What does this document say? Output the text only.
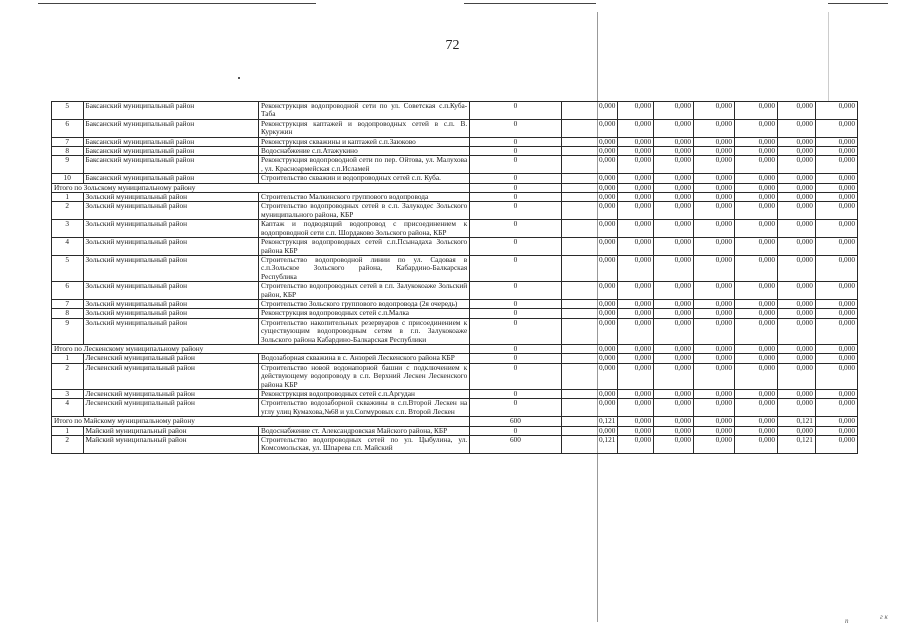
72
5	Баксанский муниципальный район	Реконструкция водопроводной сети по ул. Советская с.п.Куба-Таба	0	0,000	0,000	0,000	0,000	0,000	0,000	0,000
6	Баксанский муниципальный район	Реконструкция каптажей и водопроводных сетей в с.п. В. Куркужин	0	0,000	0,000	0,000	0,000	0,000	0,000	0,000
7	Баксанский муниципальный район	Реконструкция скважины и каптажей с.п.Заюково	0	0,000	0,000	0,000	0,000	0,000	0,000	0,000
8	Баксанский муниципальный район	Водоснабжение с.п.Атажукино	0	0,000	0,000	0,000	0,000	0,000	0,000	0,000
9	Баксанский муниципальный район	Реконструкция водопроводной сети по пер. Ойтова, ул. Малухова , ул. Красноармейская с.п.Исламей	0	0,000	0,000	0,000	0,000	0,000	0,000	0,000
10	Баксанский муниципальный район	Строительство скважин и водопроводных сетей с.п. Куба.	0	0,000	0,000	0,000	0,000	0,000	0,000	0,000
Итого по Зольскому муниципальному району			0	0,000	0,000	0,000	0,000	0,000	0,000	0,000
1	Зольский муниципальный район	Строительство Малкинского группового водопровода	0	0,000	0,000	0,000	0,000	0,000	0,000	0,000
2	Зольский муниципальный район	Строительство водопроводных сетей в с.п. Залукодес Зольского муниципального района, КБР	0	0,000	0,000	0,000	0,000	0,000	0,000	0,000
3	Зольский муниципальный район	Каптаж и подводящий водопровод с присоединением к водопроводной сети с.п. Шордаково Зольского района, КБР	0	0,000	0,000	0,000	0,000	0,000	0,000	0,000
4	Зольский муниципальный район	Реконструкция водопроводных сетей с.п.Псынадаха Зольского района КБР	0	0,000	0,000	0,000	0,000	0,000	0,000	0,000
5	Зольский муниципальный район	Строительство водопроводной линии по ул. Садовая в с.п.Зольское Зольского района, Кабардино-Балкарская Республика	0	0,000	0,000	0,000	0,000	0,000	0,000	0,000
6	Зольский муниципальный район	Строительство водопроводных сетей в г.п. Залукокоаже Зольский район, КБР	0	0,000	0,000	0,000	0,000	0,000	0,000	0,000
7	Зольский муниципальный район	Строительство Зольского группового водопровода (2я очередь)	0	0,000	0,000	0,000	0,000	0,000	0,000	0,000
8	Зольский муниципальный район	Реконструкция водопроводных сетей с.п.Малка	0	0,000	0,000	0,000	0,000	0,000	0,000	0,000
9	Зольский муниципальный район	Строительство накопительных резервуаров с присоединением к существующим водопроводным сетям в г.п. Залукокоаже Зольского района Кабардино-Балкарская Республики	0	0,000	0,000	0,000	0,000	0,000	0,000	0,000
Итого по Лескенскому муниципальному району			0	0,000	0,000	0,000	0,000	0,000	0,000	0,000
1	Лескенский муниципальный район	Водозаборная скважина в с. Анзорей Лескенского района КБР	0	0,000	0,000	0,000	0,000	0,000	0,000	0,000
2	Лескенский муниципальный район	Строительство новой водонапорной башни с подключением к действующему водопроводу в с.п. Верхний Лескен Лескенского района КБР	0	0,000	0,000	0,000	0,000	0,000	0,000	0,000
3	Лескенский муниципальный район	Реконструкция водопроводных сетей с.п.Аргудан	0	0,000	0,000	0,000	0,000	0,000	0,000	0,000
4	Лескенский муниципальный район	Строительство водозаборной скважины в с.п.Второй Лескен на углу улиц Кумахова,№68 и ул.Согмуровых с.п. Второй Лескен	0	0,000	0,000	0,000	0,000	0,000	0,000	0,000
Итого по Майскому муниципальному району			600	0,121	0,000	0,000	0,000	0,000	0,121	0,000
1	Майский муниципальный район	Водоснабжение ст. Александровская Майского района, КБР	0	0,000	0,000	0,000	0,000	0,000	0,000	0,000
2	Майский муниципальный район	Строительство водопроводных сетей по ул. Цыбулина, ул. Комсомольская, ул. Шпарева г.п. Майский	600	0,121	0,000	0,000	0,000	0,000	0,121	0,000
п	г к
